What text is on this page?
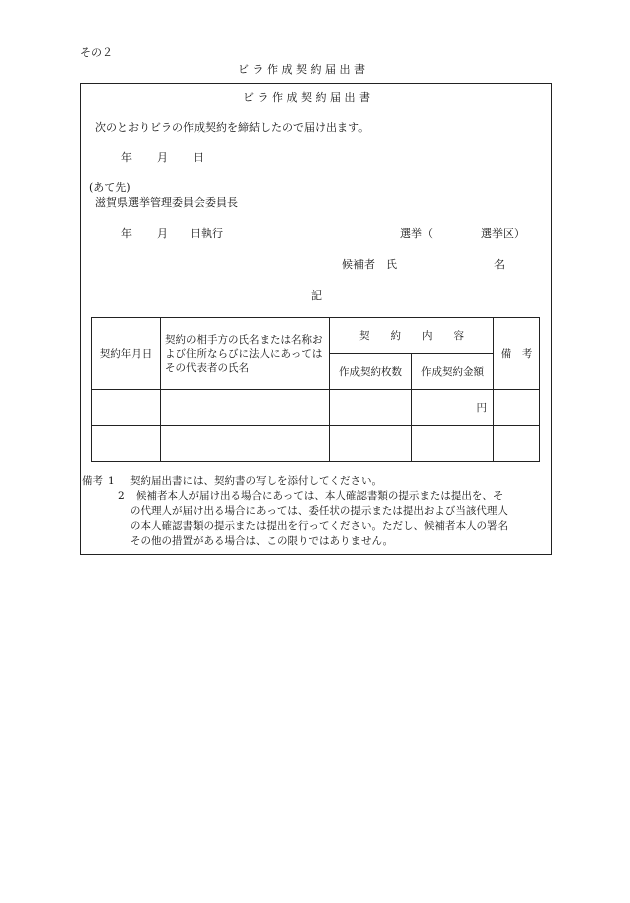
その２
ビ ラ 作 成 契 約 届 出 書
ビ ラ 作 成 契 約 届 出 書
次のとおりビラの作成契約を締結したので届け出ます。
年 月 日
(あて先)
滋賀県選挙管理委員会委員長
年 月 日執行	選挙（	選挙区）
候補者　氏	名
記
契約年月日	契約の相手方の氏名または名称および住所ならびに法人にあってはその代表者の氏名	契　　約　　内　　容		備　考
		作成契約枚数	作成契約金額	
			円	

備考 1	契約届出書には、契約書の写しを添付してください。
2	候補者本人が届け出る場合にあっては、本人確認書類の提示または提出を、そ
の代理人が届け出る場合にあっては、委任状の提示または提出および当該代理人
の本人確認書類の提示または提出を行ってください。ただし、候補者本人の署名
その他の措置がある場合は、この限りではありません。
